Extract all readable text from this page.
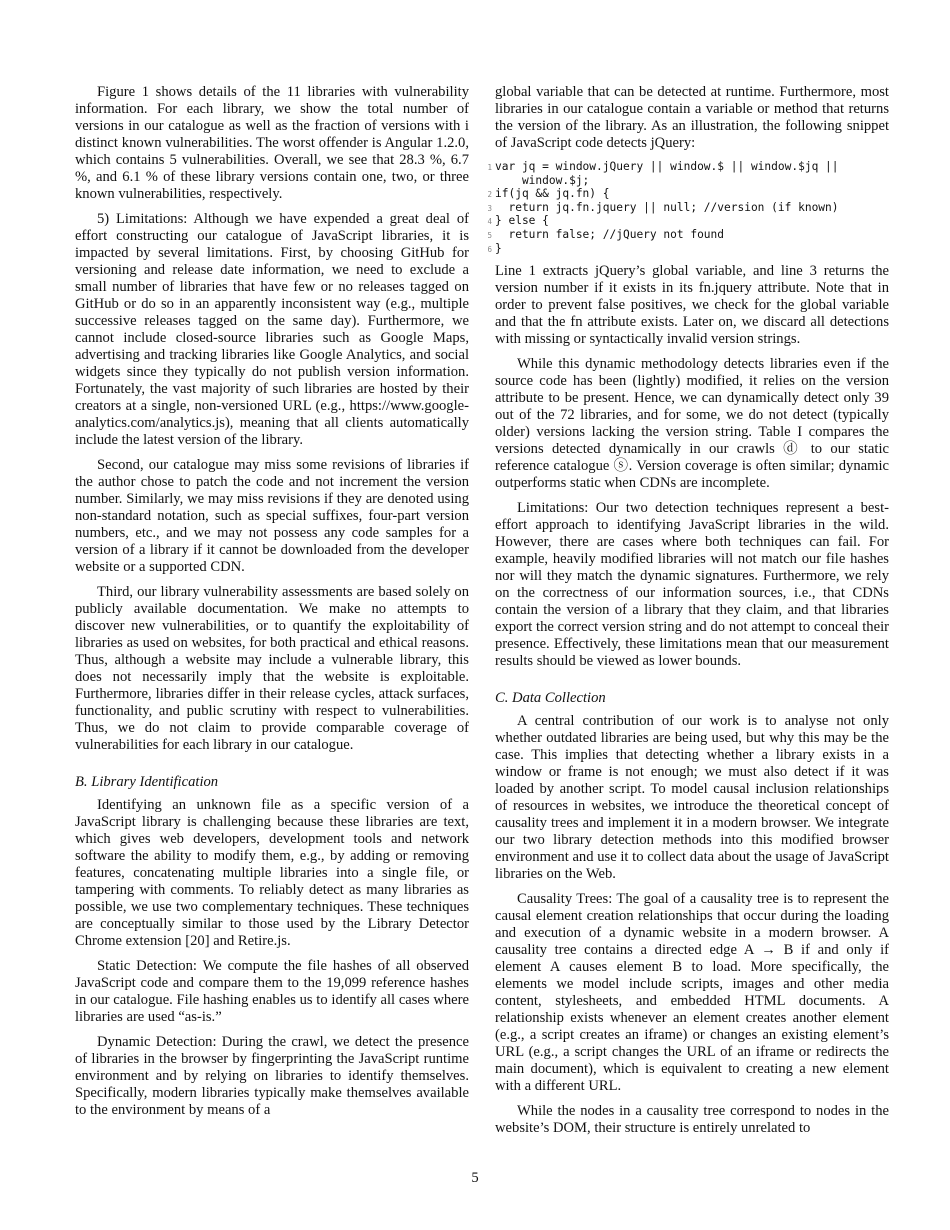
Figure 1 shows details of the 11 libraries with vulnerability information. For each library, we show the total number of versions in our catalogue as well as the fraction of versions with i distinct known vulnerabilities. The worst offender is Angular 1.2.0, which contains 5 vulnerabilities. Overall, we see that 28.3 %, 6.7 %, and 6.1 % of these library versions contain one, two, or three known vulnerabilities, respectively.

5) Limitations: Although we have expended a great deal of effort constructing our catalogue of JavaScript libraries, it is impacted by several limitations. First, by choosing GitHub for versioning and release date information, we need to exclude a small number of libraries that have few or no releases tagged on GitHub or do so in an apparently inconsistent way (e.g., multiple successive releases tagged on the same day). Furthermore, we cannot include closed-source libraries such as Google Maps, advertising and tracking libraries like Google Analytics, and social widgets since they typically do not publish version information. Fortunately, the vast majority of such libraries are hosted by their creators at a single, non-versioned URL (e.g., https://www.google-analytics.com/analytics.js), meaning that all clients automatically include the latest version of the library.

Second, our catalogue may miss some revisions of libraries if the author chose to patch the code and not increment the version number. Similarly, we may miss revisions if they are denoted using non-standard notation, such as special suffixes, four-part version numbers, etc., and we may not possess any code samples for a version of a library if it cannot be downloaded from the developer website or a supported CDN.

Third, our library vulnerability assessments are based solely on publicly available documentation. We make no attempts to discover new vulnerabilities, or to quantify the exploitability of libraries as used on websites, for both practical and ethical reasons. Thus, although a website may include a vulnerable library, this does not necessarily imply that the website is exploitable. Furthermore, libraries differ in their release cycles, attack surfaces, functionality, and public scrutiny with respect to vulnerabilities. Thus, we do not claim to provide comparable coverage of vulnerabilities for each library in our catalogue.

B. Library Identification

Identifying an unknown file as a specific version of a JavaScript library is challenging because these libraries are text, which gives web developers, development tools and network software the ability to modify them, e.g., by adding or removing features, concatenating multiple libraries into a single file, or tampering with comments. To reliably detect as many libraries as possible, we use two complementary techniques. These techniques are conceptually similar to those used by the Library Detector Chrome extension [20] and Retire.js.

Static Detection: We compute the file hashes of all observed JavaScript code and compare them to the 19,099 reference hashes in our catalogue. File hashing enables us to identify all cases where libraries are used “as-is.”

Dynamic Detection: During the crawl, we detect the presence of libraries in the browser by fingerprinting the JavaScript runtime environment and by relying on libraries to identify themselves. Specifically, modern libraries typically make themselves available to the environment by means of a

global variable that can be detected at runtime. Furthermore, most libraries in our catalogue contain a variable or method that returns the version of the library. As an illustration, the following snippet of JavaScript code detects jQuery:

1 var jq = window.jQuery || window.$ || window.$jq ||
window.$j;
2 if(jq && jq.fn) {
3 return jq.fn.jquery || null; //version (if known)
4 } else {
5 return false; //jQuery not found
6 }

Line 1 extracts jQuery’s global variable, and line 3 returns the version number if it exists in its fn.jquery attribute. Note that in order to prevent false positives, we check for the global variable and that the fn attribute exists. Later on, we discard all detections with missing or syntactically invalid version strings.

While this dynamic methodology detects libraries even if the source code has been (lightly) modified, it relies on the version attribute to be present. Hence, we can dynamically detect only 39 out of the 72 libraries, and for some, we do not detect (typically older) versions lacking the version string. Table I compares the versions detected dynamically in our crawls ⓓ to our static reference catalogue ⓢ. Version coverage is often similar; dynamic outperforms static when CDNs are incomplete.

Limitations: Our two detection techniques represent a best-effort approach to identifying JavaScript libraries in the wild. However, there are cases where both techniques can fail. For example, heavily modified libraries will not match our file hashes nor will they match the dynamic signatures. Furthermore, we rely on the correctness of our information sources, i.e., that CDNs contain the version of a library that they claim, and that libraries export the correct version string and do not attempt to conceal their presence. Effectively, these limitations mean that our measurement results should be viewed as lower bounds.

C. Data Collection

A central contribution of our work is to analyse not only whether outdated libraries are being used, but why this may be the case. This implies that detecting whether a library exists in a window or frame is not enough; we must also detect if it was loaded by another script. To model causal inclusion relationships of resources in websites, we introduce the theoretical concept of causality trees and implement it in a modern browser. We integrate our two library detection methods into this modified browser environment and use it to collect data about the usage of JavaScript libraries on the Web.

Causality Trees: The goal of a causality tree is to represent the causal element creation relationships that occur during the loading and execution of a dynamic website in a modern browser. A causality tree contains a directed edge A → B if and only if element A causes element B to load. More specifically, the elements we model include scripts, images and other media content, stylesheets, and embedded HTML documents. A relationship exists whenever an element creates another element (e.g., a script creates an iframe) or changes an existing element’s URL (e.g., a script changes the URL of an iframe or redirects the main document), which is equivalent to creating a new element with a different URL.

While the nodes in a causality tree correspond to nodes in the website’s DOM, their structure is entirely unrelated to

5
